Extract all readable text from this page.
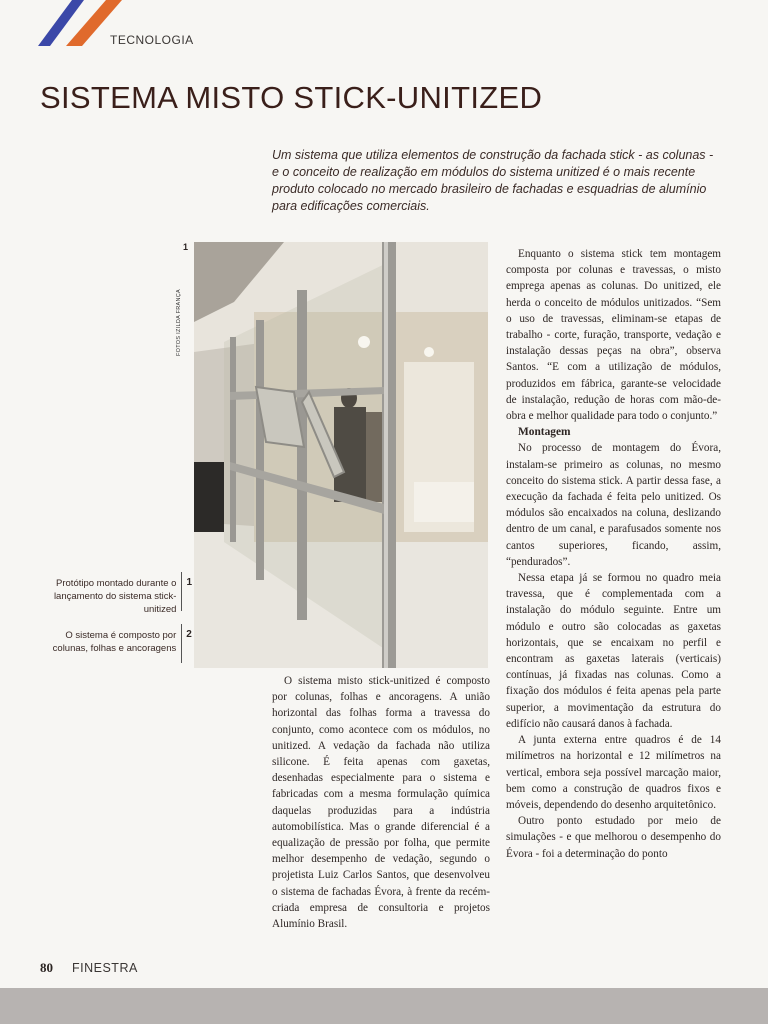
TECNOLOGIA
SISTEMA MISTO STICK-UNITIZED

Um sistema que utiliza elementos de construção da fachada stick - as colunas - e o conceito de realização em módulos do sistema unitized é o mais recente produto colocado no mercado brasileiro de fachadas e esquadrias de alumínio para edificações comerciais.

1
FOTOS IZILDA FRANÇA
Protótipo montado durante o lançamento do sistema stick-unitized
1
O sistema é composto por colunas, folhas e ancoragens
2

O sistema misto stick-unitized é composto por colunas, folhas e ancoragens. A união horizontal das folhas forma a travessa do conjunto, como acontece com os módulos, no unitized. A vedação da fachada não utiliza silicone. É feita apenas com gaxetas, desenhadas especialmente para o sistema e fabricadas com a mesma formulação química daquelas produzidas para a indústria automobilística. Mas o grande diferencial é a equalização de pressão por folha, que permite melhor desempenho de vedação, segundo o projetista Luiz Carlos Santos, que desenvolveu o sistema de fachadas Évora, à frente da recém-criada empresa de consultoria e projetos Alumínio Brasil.

Enquanto o sistema stick tem montagem composta por colunas e travessas, o misto emprega apenas as colunas. Do unitized, ele herda o conceito de módulos unitizados. “Sem o uso de travessas, eliminam-se etapas de trabalho - corte, furação, transporte, vedação e instalação dessas peças na obra”, observa Santos. “E com a utilização de módulos, produzidos em fábrica, garante-se velocidade de instalação, redução de horas com mão-de-obra e melhor qualidade para todo o conjunto.”

Montagem

No processo de montagem do Évora, instalam-se primeiro as colunas, no mesmo conceito do sistema stick. A partir dessa fase, a execução da fachada é feita pelo unitized. Os módulos são encaixados na coluna, deslizando dentro de um canal, e parafusados somente nos cantos superiores, ficando, assim, “pendurados”.

Nessa etapa já se formou no quadro meia travessa, que é complementada com a instalação do módulo seguinte. Entre um módulo e outro são colocadas as gaxetas horizontais, que se encaixam no perfil e encontram as gaxetas laterais (verticais) contínuas, já fixadas nas colunas. Como a fixação dos módulos é feita apenas pela parte superior, a movimentação da estrutura do edifício não causará danos à fachada.

A junta externa entre quadros é de 14 milímetros na horizontal e 12 milímetros na vertical, embora seja possível marcação maior, bem como a construção de quadros fixos e móveis, dependendo do desenho arquitetônico.

Outro ponto estudado por meio de simulações - e que melhorou o desempenho do Évora - foi a determinação do ponto

80 FINESTRA
